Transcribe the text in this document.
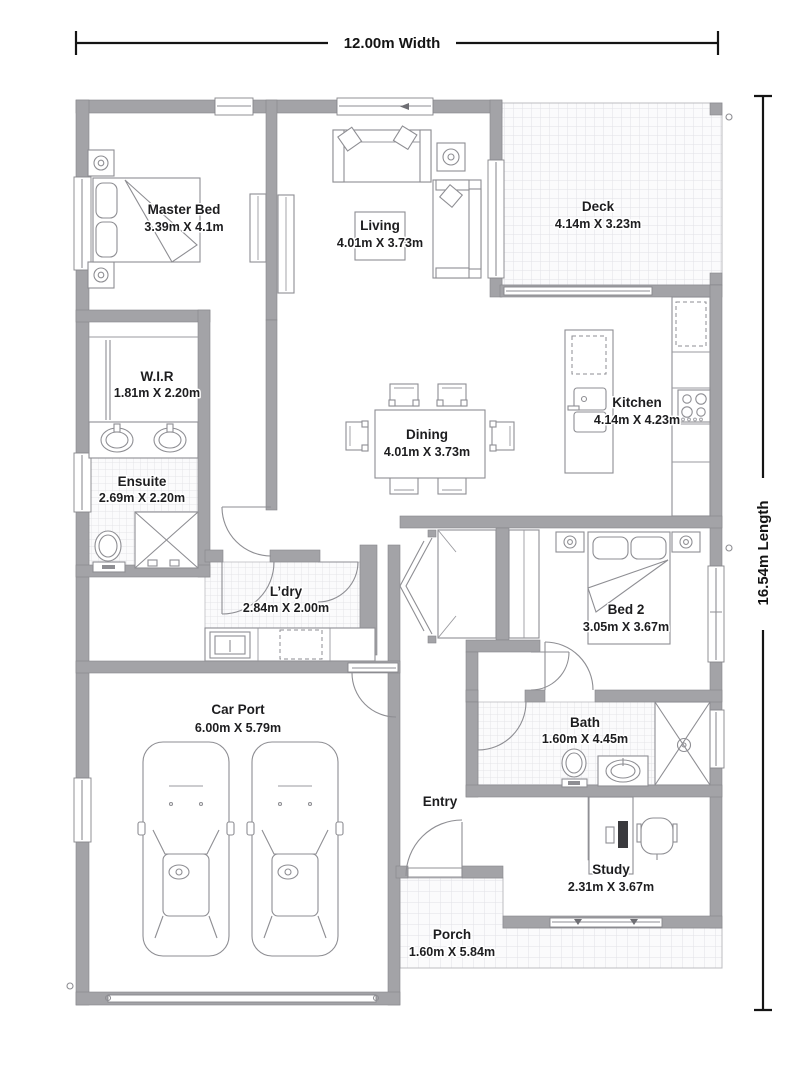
12.00m Width
16.54m Length
Master Bed
3.39m X 4.1m	Living
4.01m X 3.73m
Deck
4.14m X 3.23m
W.I.R
1.81m X 2.20m
Kitchen
4.14m X 4.23m
Dining
4.01m X 3.73m
Ensuite
2.69m X 2.20m
L’dry
2.84m X 2.00m	Bed 2
3.05m X 3.67m
Car Port
6.00m X 5.79m	Bath
1.60m X 4.45m
Entry
Study
2.31m X 3.67m
Porch
1.60m X 5.84m
